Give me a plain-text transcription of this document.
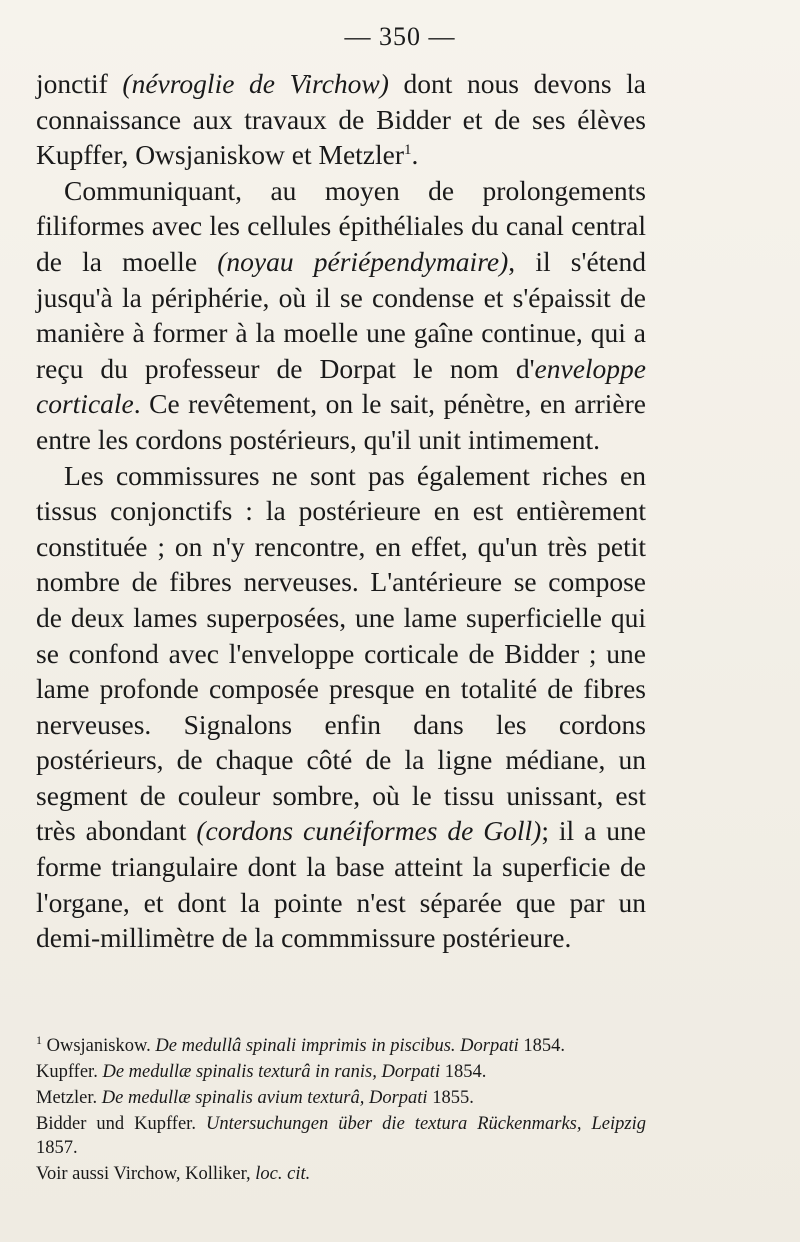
— 350 —

jonctif (névroglie de Virchow) dont nous devons la connaissance aux travaux de Bidder et de ses élèves Kupffer, Owsjaniskow et Metzler$^1$.

Communiquant, au moyen de prolongements filiformes avec les cellules épithéliales du canal central de la moelle (noyau périépendymaire), il s'étend jusqu'à la périphérie, où il se condense et s'épaissit de manière à former à la moelle une gaîne continue, qui a reçu du professeur de Dorpat le nom d'enveloppe corticale. Ce revêtement, on le sait, pénètre, en arrière entre les cordons postérieurs, qu'il unit intimement.

Les commissures ne sont pas également riches en tissus conjonctifs : la postérieure en est entièrement constituée ; on n'y rencontre, en effet, qu'un très petit nombre de fibres nerveuses. L'antérieure se compose de deux lames superposées, une lame superficielle qui se confond avec l'enveloppe corticale de Bidder ; une lame profonde composée presque en totalité de fibres nerveuses. Signalons enfin dans les cordons postérieurs, de chaque côté de la ligne médiane, un segment de couleur sombre, où le tissu unissant, est très abondant (cordons cunéiformes de Goll); il a une forme triangulaire dont la base atteint la superficie de l'organe, et dont la pointe n'est séparée que par un demi-millimètre de la commmissure postérieure.

$^1$ Owsjaniskow. De medullâ spinali imprimis in piscibus. Dorpati 1854.

Kupffer. De medullæ spinalis texturâ in ranis, Dorpati 1854.

Metzler. De medullæ spinalis avium texturâ, Dorpati 1855.

Bidder und Kupffer. Untersuchungen über die textura Rückenmarks, Leipzig 1857.

Voir aussi Virchow, Kolliker, loc. cit.
